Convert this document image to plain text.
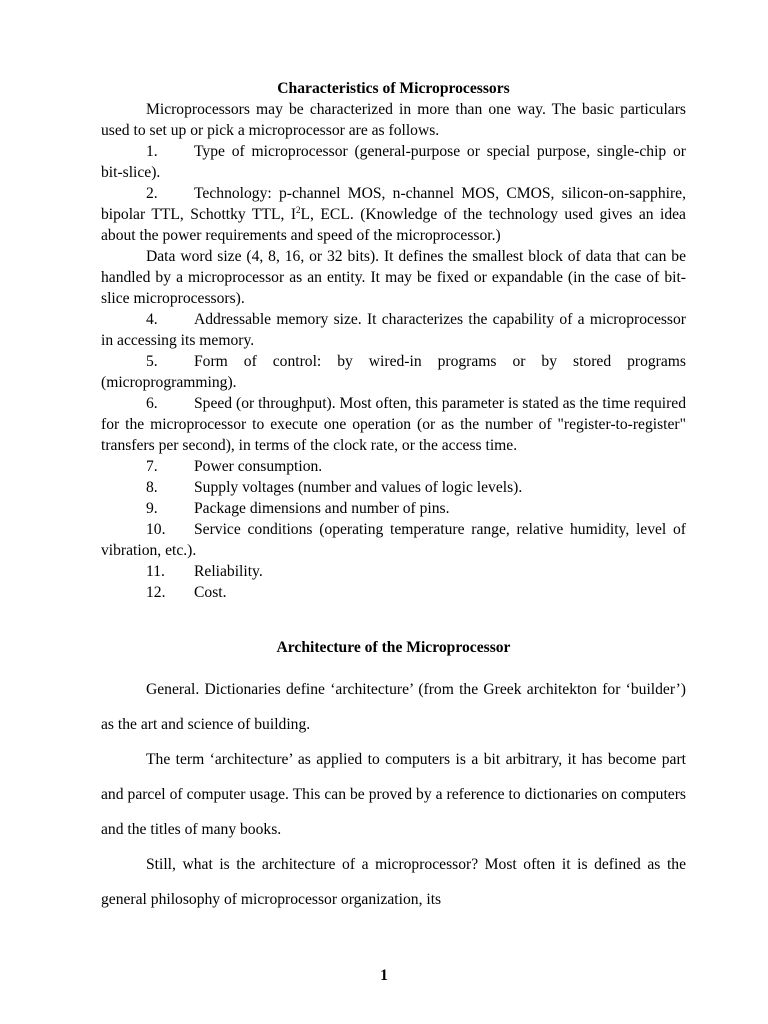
Characteristics of Microprocessors

Microprocessors may be characterized in more than one way. The basic particulars used to set up or pick a microprocessor are as follows.

1. Type of microprocessor (general-purpose or special purpose, single-chip or bit-slice).

2. Technology: p-channel MOS, n-channel MOS, CMOS, silicon-on-sapphire, bipolar TTL, Schottky TTL, $I^2L$, ECL. (Knowledge of the technology used gives an idea about the power requirements and speed of the microprocessor.)

Data word size (4, 8, 16, or 32 bits). It defines the smallest block of data that can be handled by a microprocessor as an entity. It may be fixed or expandable (in the case of bit-slice microprocessors).

4. Addressable memory size. It characterizes the capability of a microprocessor in accessing its memory.

5. Form of control: by wired-in programs or by stored programs (microprogramming).

6. Speed (or throughput). Most often, this parameter is stated as the time required for the microprocessor to execute one operation (or as the number of "register-to-register" transfers per second), in terms of the clock rate, or the access time.

7. Power consumption.

8. Supply voltages (number and values of logic levels).

9. Package dimensions and number of pins.

10. Service conditions (operating temperature range, relative humidity, level of vibration, etc.).

11. Reliability.

12. Cost.

Architecture of the Microprocessor

General. Dictionaries define ‘architecture’ (from the Greek architekton for ‘builder’) as the art and science of building.

The term ‘architecture’ as applied to computers is a bit arbitrary, it has become part and parcel of computer usage. This can be proved by a reference to dictionaries on computers and the titles of many books.

Still, what is the architecture of a microprocessor? Most often it is defined as the general philosophy of microprocessor organization, its

1
